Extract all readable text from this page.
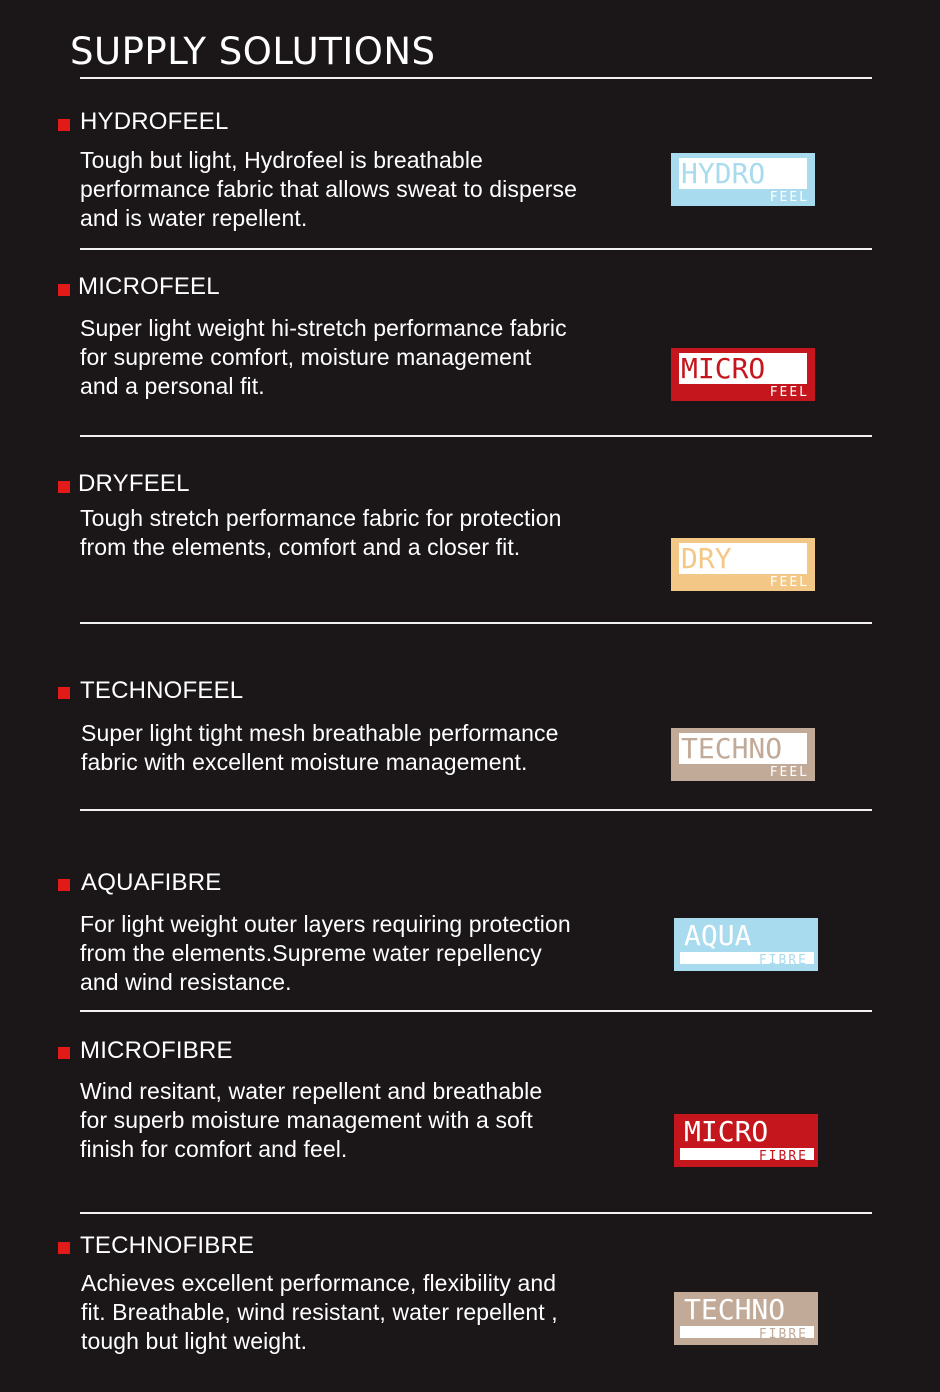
SUPPLY SOLUTIONS
HYDROFEEL
Tough but light, Hydrofeel is breathable
performance fabric that allows sweat to disperse
and is water repellent.
HYDRO
FEEL
MICROFEEL
Super light weight hi-stretch performance fabric
for supreme comfort, moisture management
and a personal fit.
MICRO
FEEL
DRYFEEL
Tough stretch performance fabric for protection
from the elements, comfort and a closer fit.	DRY
FEEL
TECHNOFEEL
Super light tight mesh breathable performance
fabric with excellent moisture management.	TECHNO
FEEL
AQUAFIBRE
For light weight outer layers requiring protection
from the elements.Supreme water repellency
and wind resistance.
AQUA
FIBRE
MICROFIBRE
Wind resitant, water repellent and breathable
for superb moisture management with a soft
finish for comfort and feel.
MICRO
FIBRE
TECHNOFIBRE
Achieves excellent performance, flexibility and
fit. Breathable, wind resistant, water repellent ,
tough but light weight.
TECHNO
FIBRE
